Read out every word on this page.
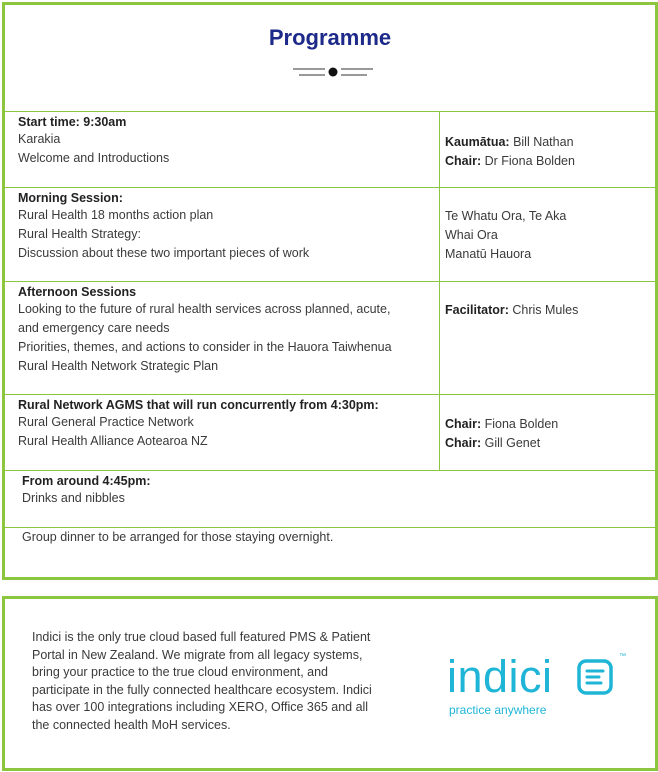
Programme
Start time: 9:30am
Karakia
Welcome and Introductions
Kaumātua: Bill Nathan
Chair: Dr Fiona Bolden
Morning Session:
Rural Health 18 months action plan
Rural Health Strategy:
Discussion about these two important pieces of work
Te Whatu Ora, Te Aka
Whai Ora
Manatū Hauora
Afternoon Sessions
Looking to the future of rural health services across planned, acute,
and emergency care needs
Priorities, themes, and actions to consider in the Hauora Taiwhenua
Rural Health Network Strategic Plan
Facilitator: Chris Mules
Rural Network AGMS that will run concurrently from 4:30pm:
Rural General Practice Network
Rural Health Alliance Aotearoa NZ
Chair: Fiona Bolden
Chair: Gill Genet
From around 4:45pm:
Drinks and nibbles
Group dinner to be arranged for those staying overnight.
Indici is the only true cloud based full featured PMS & Patient
Portal in New Zealand. We migrate from all legacy systems,
bring your practice to the true cloud environment, and
participate in the fully connected healthcare ecosystem. Indici
has over 100 integrations including XERO, Office 365 and all
the connected health MoH services.
indici	™
practice anywhere
